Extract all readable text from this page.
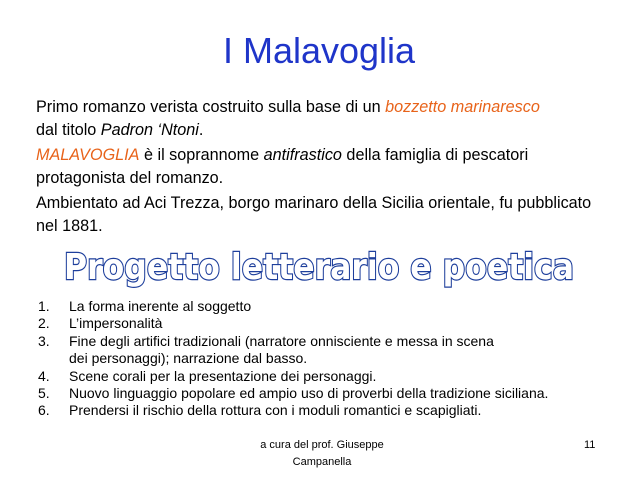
I Malavoglia
Primo romanzo verista costruito sulla base di un bozzetto marinaresco
dal titolo Padron ‘Ntoni.
MALAVOGLIA è il soprannome antifrastico della famiglia di pescatori protagonista del romanzo.
Ambientato ad Aci Trezza, borgo marinaro della Sicilia orientale, fu pubblicato nel 1881.
Progetto letterario e poetica
1. La forma inerente al soggetto
2. L’impersonalità
3. Fine degli artifici tradizionali (narratore onnisciente e messa in scena
dei personaggi); narrazione dal basso.
4. Scene corali per la presentazione dei personaggi.
5. Nuovo linguaggio popolare ed ampio uso di proverbi della tradizione siciliana.
6. Prendersi il rischio della rottura con i moduli romantici e scapigliati.
a cura del prof. Giuseppe
Campanella
11
